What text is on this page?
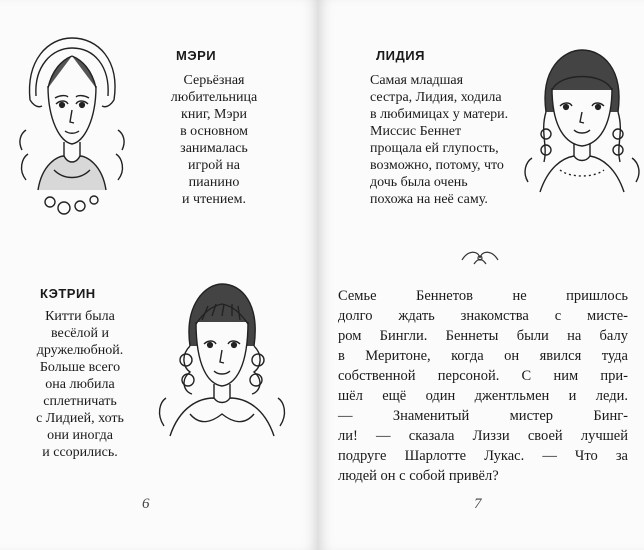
МЭРИ

Серьёзная
любительница
книг, Мэри
в основном
занималась
игрой на
пианино
и чтением.

КЭТРИН

Китти была
весёлой и
дружелюбной.
Больше всего
она любила
сплетничать
с Лидией, хоть
они иногда
и ссорились.

6
ЛИДИЯ

Самая младшая
сестра, Лидия, ходила
в любимицах у матери.
Миссис Беннет
прощала ей глупость,
возможно, потому, что
дочь была очень
похожа на неё саму.

Семье Беннетов не пришлось
долго ждать знакомства с мисте-
ром Бингли. Беннеты были на балу
в Меритоне, когда он явился туда
собственной персоной. С ним при-
шёл ещё один джентльмен и леди.
— Знаменитый мистер Бинг-
ли! — сказала Лиззи своей лучшей
подруге Шарлотте Лукас. — Что за
людей он с собой привёл?

7
